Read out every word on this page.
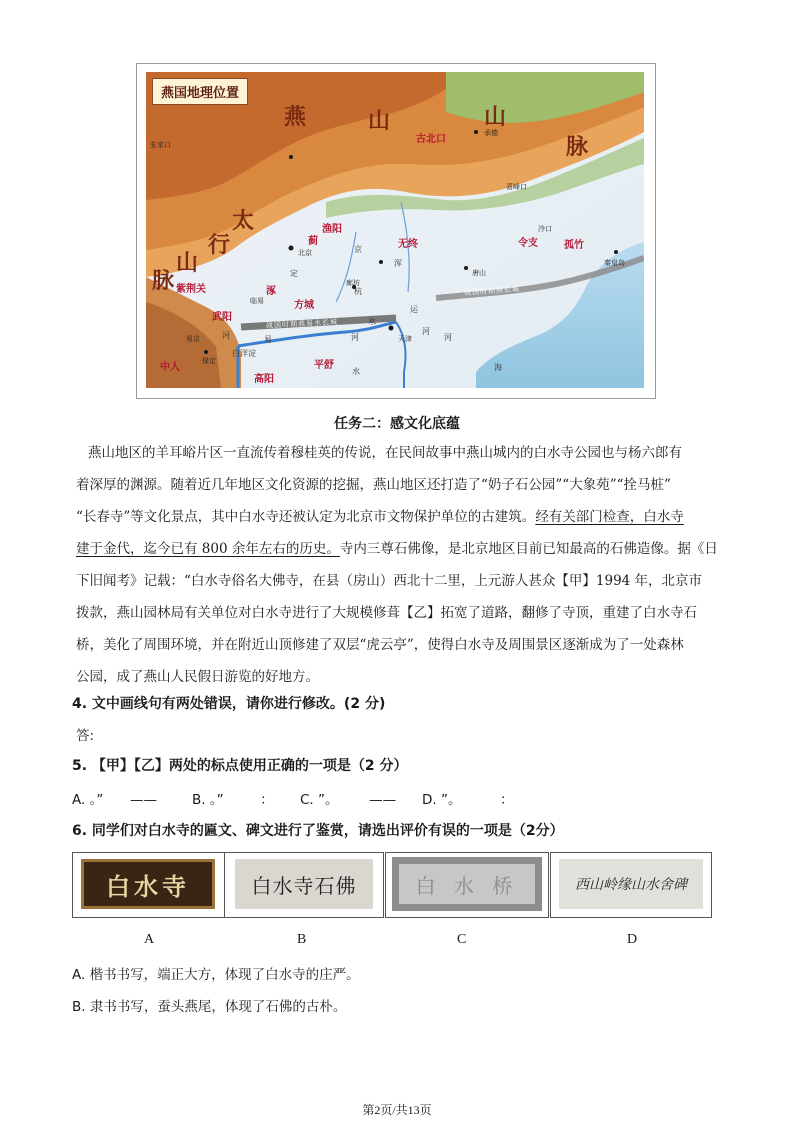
燕国地理位置
燕	山	山
脉
太
行
山
脉
渔阳
蓟	无终	令支	孤竹
涿
方城
武阳
中人	平舒
高阳
紫荆关
古北口
张家口
北京
承德
唐山
天津
保定
廊坊
秦皇岛
冷口
临易
易京
喜峰口
运
河
河
京
杭
白洋淀
海
河
水
河
水
易
定
浑
战国时期燕长城
战国时期燕易水长城
任务二：感文化底蕴
燕山地区的羊耳峪片区一直流传着穆桂英的传说，在民间故事中燕山城内的白水寺公园也与杨六郎有
着深厚的渊源。随着近几年地区文化资源的挖掘，燕山地区还打造了“奶子石公园”“大象苑”“拴马桩”
“长春寺”等文化景点，其中白水寺还被认定为北京市文物保护单位的古建筑。经有关部门检查，白水寺
建于金代，迄今已有 800 余年左右的历史。寺内三尊石佛像，是北京地区目前已知最高的石佛造像。据《日
下旧闻考》记载：“白水寺俗名大佛寺，在县（房山）西北十二里，上元游人甚众【甲】1994 年，北京市
拨款，燕山园林局有关单位对白水寺进行了大规模修葺【乙】拓宽了道路，翻修了寺顶，重建了白水寺石
桥，美化了周围环境，并在附近山顶修建了双层“虎云亭”，使得白水寺及周围景区逐渐成为了一处森林
公园，成了燕山人民假日游览的好地方。
4. 文中画线句有两处错误，请你进行修改。(2 分)
答:
5. 【甲】【乙】两处的标点使用正确的一项是（2 分）
A. 。” ——	B. 。”	： C. ”。 —— D. ”。	：
6. 同学们对白水寺的匾文、碑文进行了鉴赏，请选出评价有误的一项是（2分）
白水寺	白水寺石佛	白 水 桥	西山岭缘山水舍碑
A	B	C	D
A. 楷书书写，端正大方，体现了白水寺的庄严。
B. 隶书书写，蚕头燕尾，体现了石佛的古朴。
第2页/共13页
